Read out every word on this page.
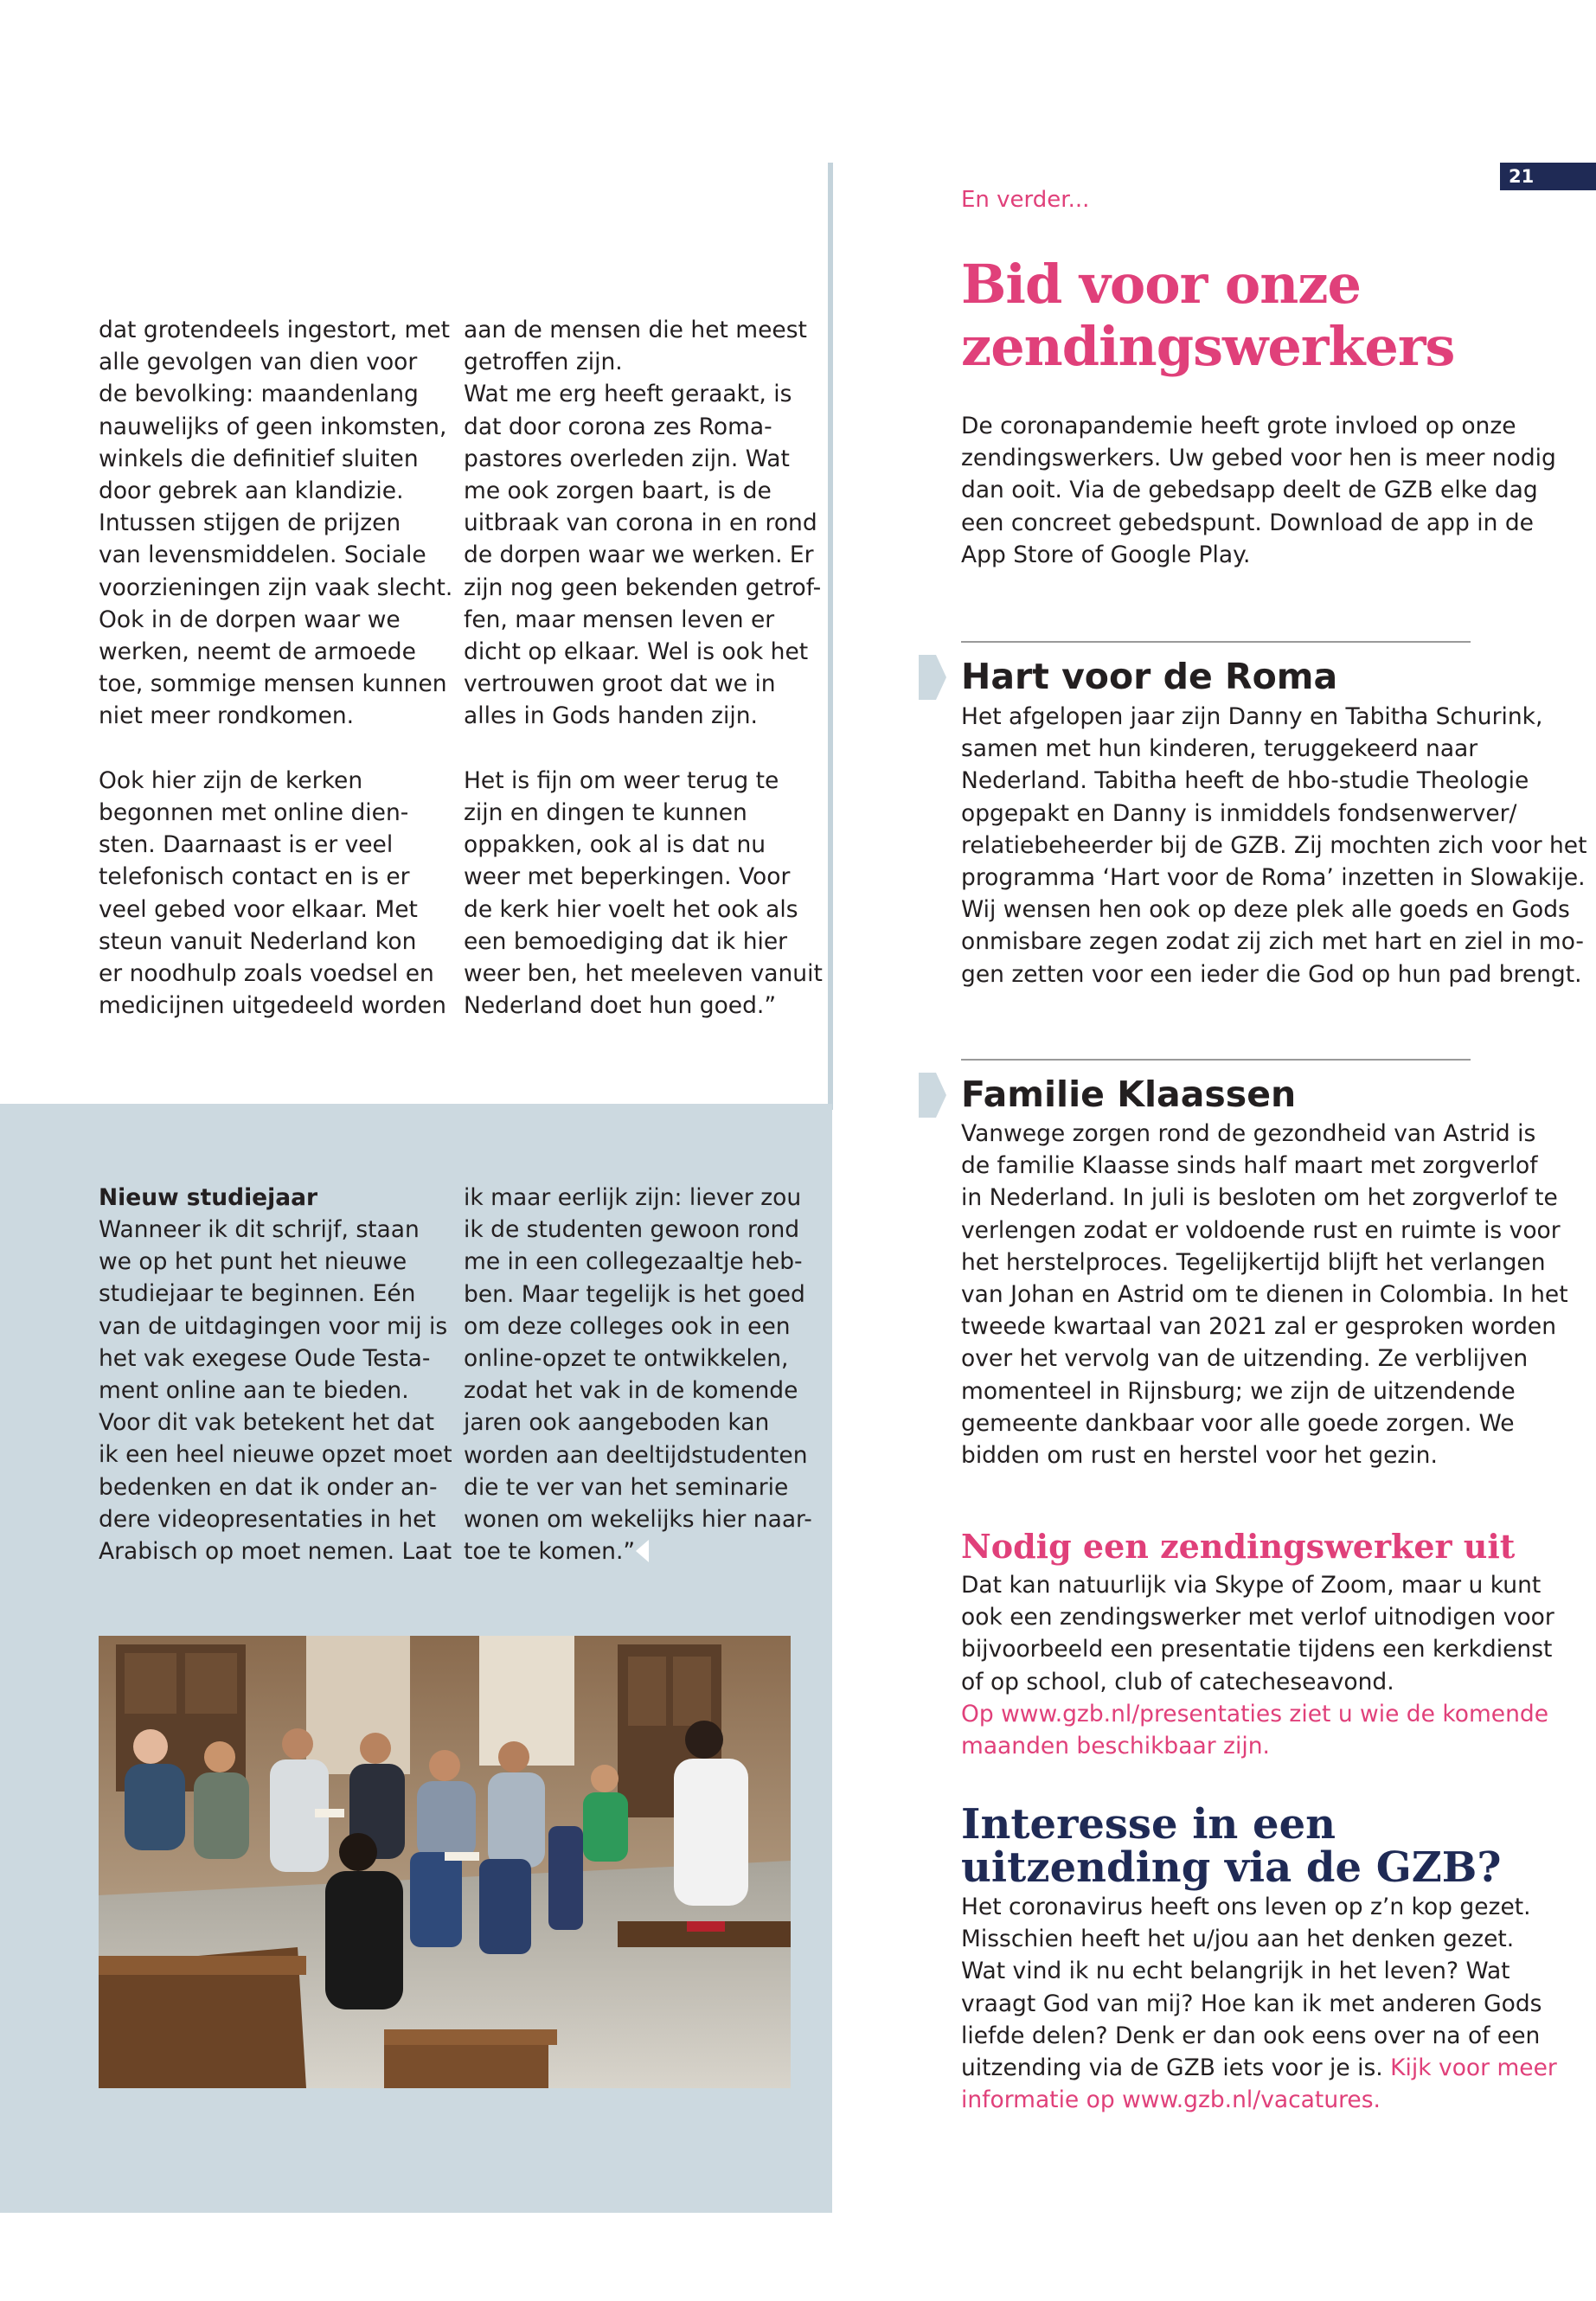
21
dat grotendeels ingestort, met
alle gevolgen van dien voor
de bevolking: maandenlang
nauwelijks of geen inkomsten,
winkels die definitief sluiten
door gebrek aan klandizie.
Intussen stijgen de prijzen
van levensmiddelen. Sociale
voorzieningen zijn vaak slecht.
Ook in de dorpen waar we
werken, neemt de armoede
toe, sommige mensen kunnen
niet meer rondkomen.

Ook hier zijn de kerken
begonnen met online dien-
sten. Daarnaast is er veel
telefonisch contact en is er
veel gebed voor elkaar. Met
steun vanuit Nederland kon
er noodhulp zoals voedsel en
medicijnen uitgedeeld worden
aan de mensen die het meest
getroffen zijn.
Wat me erg heeft geraakt, is
dat door corona zes Roma-
pastores overleden zijn. Wat
me ook zorgen baart, is de
uitbraak van corona in en rond
de dorpen waar we werken. Er
zijn nog geen bekenden getrof-
fen, maar mensen leven er
dicht op elkaar. Wel is ook het
vertrouwen groot dat we in
alles in Gods handen zijn.

Het is fijn om weer terug te
zijn en dingen te kunnen
oppakken, ook al is dat nu
weer met beperkingen. Voor
de kerk hier voelt het ook als
een bemoediging dat ik hier
weer ben, het meeleven vanuit
Nederland doet hun goed.”
Nieuw studiejaar
Wanneer ik dit schrijf, staan
we op het punt het nieuwe
studiejaar te beginnen. Eén
van de uitdagingen voor mij is
het vak exegese Oude Testa-
ment online aan te bieden.
Voor dit vak betekent het dat
ik een heel nieuwe opzet moet
bedenken en dat ik onder an-
dere videopresentaties in het
Arabisch op moet nemen. Laat
ik maar eerlijk zijn: liever zou
ik de studenten gewoon rond
me in een collegezaaltje heb-
ben. Maar tegelijk is het goed
om deze colleges ook in een
online-opzet te ontwikkelen,
zodat het vak in de komende
jaren ook aangeboden kan
worden aan deeltijdstudenten
die te ver van het seminarie
wonen om wekelijks hier naar-
toe te komen.”
En verder...
Bid voor onze
zendingswerkers
De coronapandemie heeft grote invloed op onze
zendingswerkers. Uw gebed voor hen is meer nodig
dan ooit. Via de gebedsapp deelt de GZB elke dag
een concreet gebedspunt. Download de app in de
App Store of Google Play.
Hart voor de Roma
Het afgelopen jaar zijn Danny en Tabitha Schurink,
samen met hun kinderen, teruggekeerd naar
Nederland. Tabitha heeft de hbo-studie Theologie
opgepakt en Danny is inmiddels fondsenwerver/
relatiebeheerder bij de GZB. Zij mochten zich voor het
programma ‘Hart voor de Roma’ inzetten in Slowakije.
Wij wensen hen ook op deze plek alle goeds en Gods
onmisbare zegen zodat zij zich met hart en ziel in mo-
gen zetten voor een ieder die God op hun pad brengt.
Familie Klaassen
Vanwege zorgen rond de gezondheid van Astrid is
de familie Klaasse sinds half maart met zorgverlof
in Nederland. In juli is besloten om het zorgverlof te
verlengen zodat er voldoende rust en ruimte is voor
het herstelproces. Tegelijkertijd blijft het verlangen
van Johan en Astrid om te dienen in Colombia. In het
tweede kwartaal van 2021 zal er gesproken worden
over het vervolg van de uitzending. Ze verblijven
momenteel in Rijnsburg; we zijn de uitzendende
gemeente dankbaar voor alle goede zorgen. We
bidden om rust en herstel voor het gezin.
Nodig een zendingswerker uit
Dat kan natuurlijk via Skype of Zoom, maar u kunt
ook een zendingswerker met verlof uitnodigen voor
bijvoorbeeld een presentatie tijdens een kerkdienst
of op school, club of catecheseavond.
Op www.gzb.nl/presentaties ziet u wie de komende
maanden beschikbaar zijn.
Interesse in een
uitzending via de GZB?
Het coronavirus heeft ons leven op z’n kop gezet.
Misschien heeft het u/jou aan het denken gezet.
Wat vind ik nu echt belangrijk in het leven? Wat
vraagt God van mij? Hoe kan ik met anderen Gods
liefde delen? Denk er dan ook eens over na of een
uitzending via de GZB iets voor je is. Kijk voor meer
informatie op www.gzb.nl/vacatures.
